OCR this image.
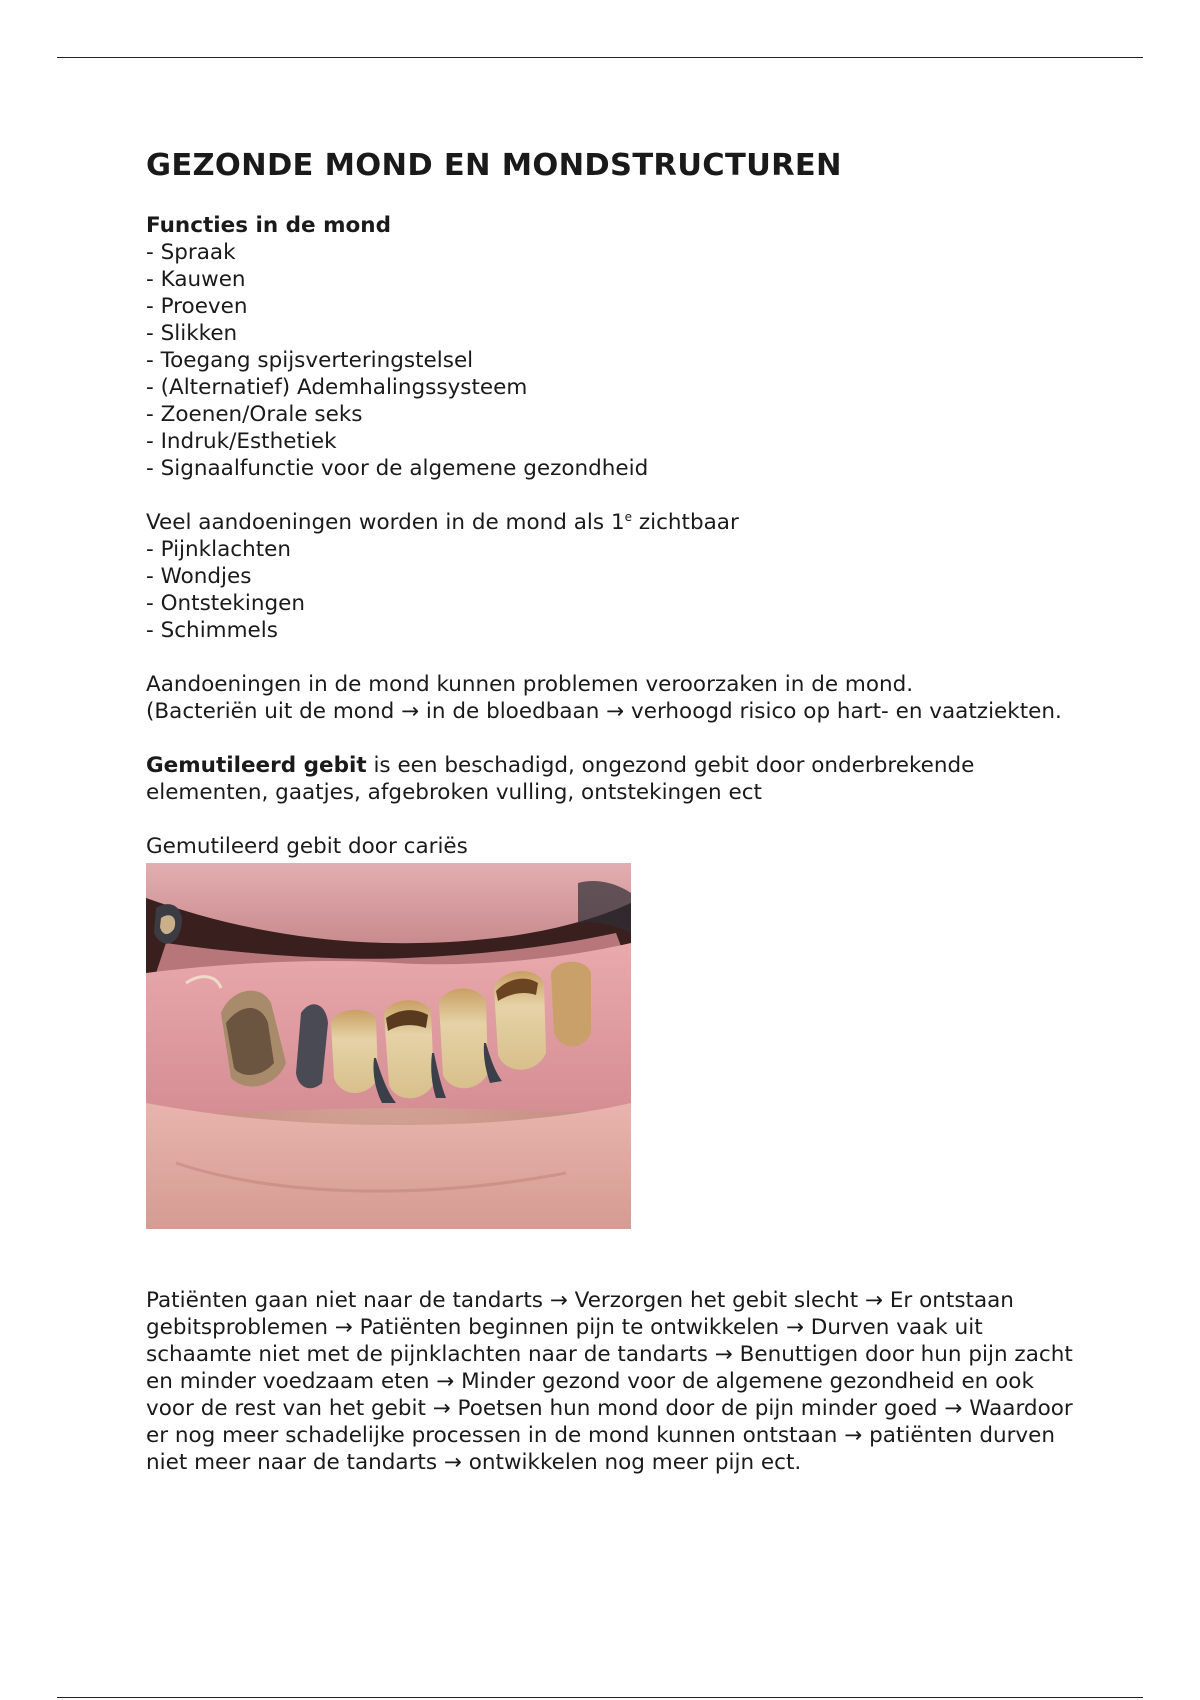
GEZONDE MOND EN MONDSTRUCTUREN
Functies in de mond
- Spraak
- Kauwen
- Proeven
- Slikken
- Toegang spijsverteringstelsel
- (Alternatief) Ademhalingssysteem
- Zoenen/Orale seks
- Indruk/Esthetiek
- Signaalfunctie voor de algemene gezondheid
Veel aandoeningen worden in de mond als 1e zichtbaar
- Pijnklachten
- Wondjes
- Ontstekingen
- Schimmels
Aandoeningen in de mond kunnen problemen veroorzaken in de mond.
(Bacteriën uit de mond → in de bloedbaan → verhoogd risico op hart- en vaatziekten.
Gemutileerd gebit is een beschadigd, ongezond gebit door onderbrekende elementen, gaatjes, afgebroken vulling, ontstekingen ect
Gemutileerd gebit door cariës
Patiënten gaan niet naar de tandarts → Verzorgen het gebit slecht → Er ontstaan gebitsproblemen → Patiënten beginnen pijn te ontwikkelen → Durven vaak uit schaamte niet met de pijnklachten naar de tandarts → Benuttigen door hun pijn zacht en minder voedzaam eten → Minder gezond voor de algemene gezondheid en ook voor de rest van het gebit → Poetsen hun mond door de pijn minder goed → Waardoor er nog meer schadelijke processen in de mond kunnen ontstaan → patiënten durven niet meer naar de tandarts → ontwikkelen nog meer pijn ect.
